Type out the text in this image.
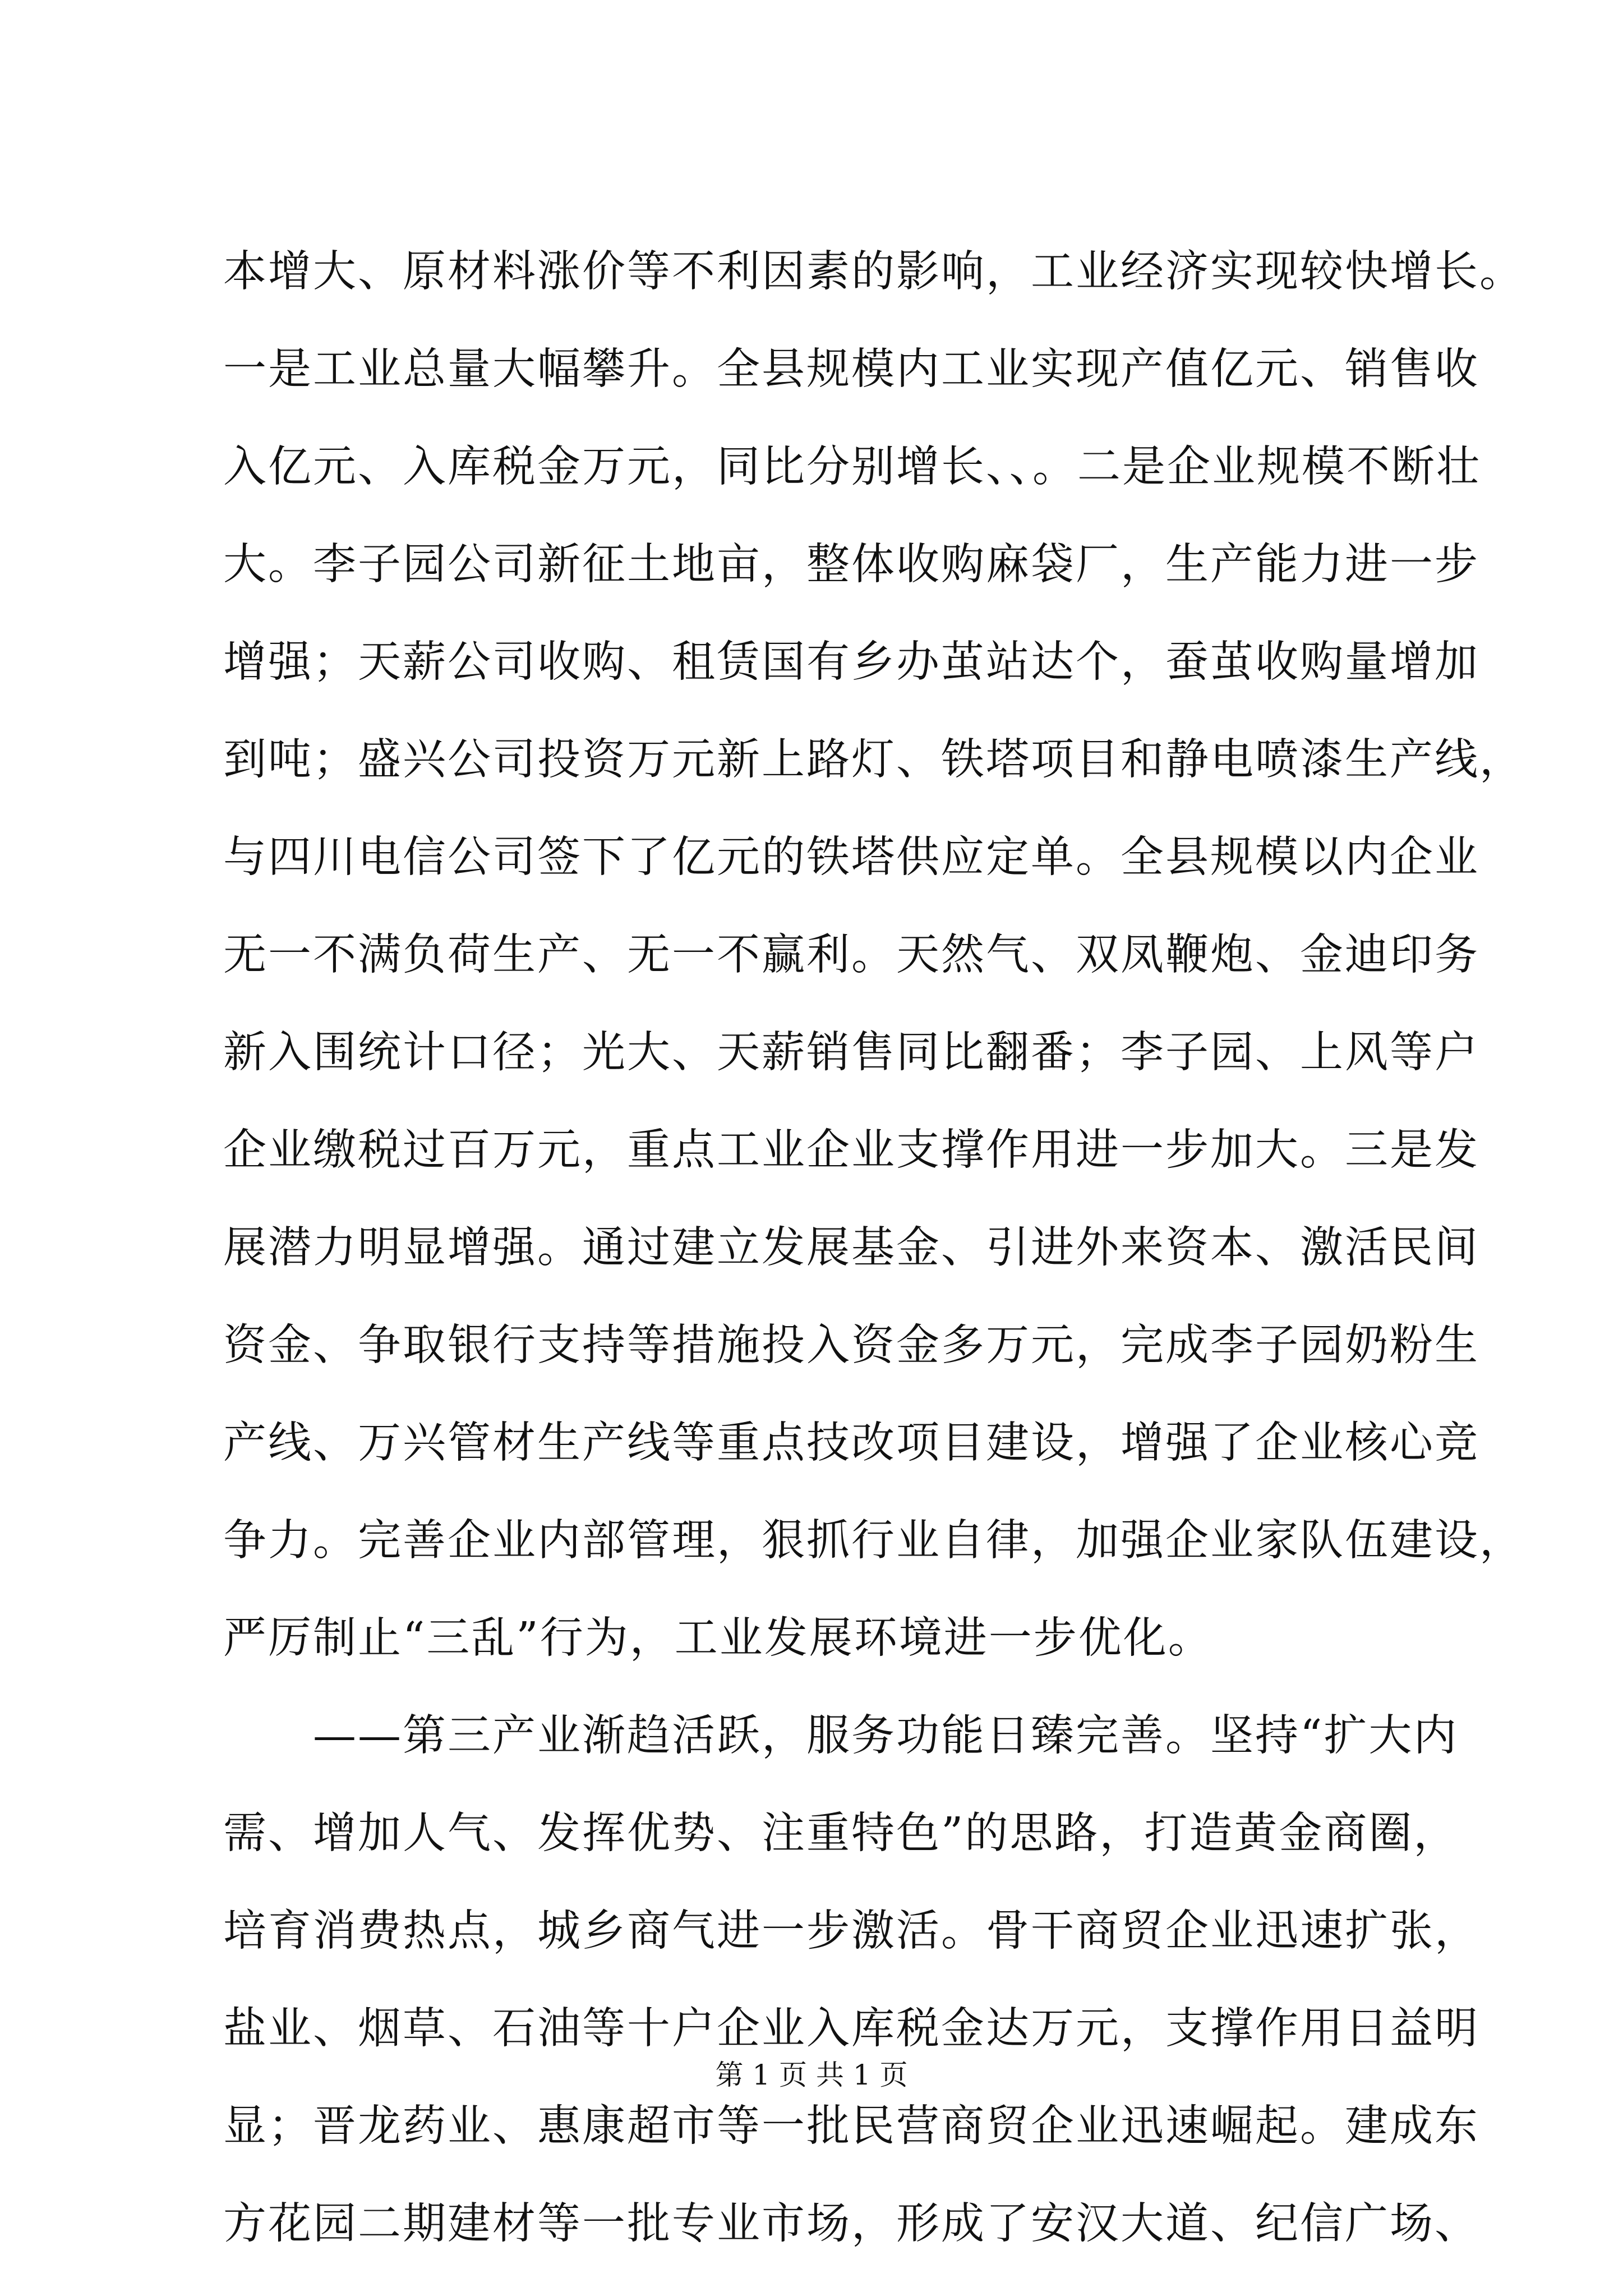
本增大、原材料涨价等不利因素的影响，工业经济实现较快增长。
一是工业总量大幅攀升。全县规模内工业实现产值亿元、销售收
入亿元、入库税金万元，同比分别增长、、。二是企业规模不断壮
大。李子园公司新征土地亩，整体收购麻袋厂，生产能力进一步
增强；天薪公司收购、租赁国有乡办茧站达个，蚕茧收购量增加
到吨；盛兴公司投资万元新上路灯、铁塔项目和静电喷漆生产线，
与四川电信公司签下了亿元的铁塔供应定单。全县规模以内企业
无一不满负荷生产、无一不赢利。天然气、双凤鞭炮、金迪印务
新入围统计口径；光大、天薪销售同比翻番；李子园、上风等户
企业缴税过百万元，重点工业企业支撑作用进一步加大。三是发
展潜力明显增强。通过建立发展基金、引进外来资本、激活民间
资金、争取银行支持等措施投入资金多万元，完成李子园奶粉生
产线、万兴管材生产线等重点技改项目建设，增强了企业核心竞
争力。完善企业内部管理，狠抓行业自律，加强企业家队伍建设，
严厉制止“三乱”行为，工业发展环境进一步优化。
——第三产业渐趋活跃，服务功能日臻完善。坚持“扩大内
需、增加人气、发挥优势、注重特色”的思路，打造黄金商圈，
培育消费热点，城乡商气进一步激活。骨干商贸企业迅速扩张，
盐业、烟草、石油等十户企业入库税金达万元，支撑作用日益明
显；晋龙药业、惠康超市等一批民营商贸企业迅速崛起。建成东
方花园二期建材等一批专业市场，形成了安汉大道、纪信广场、
第 1 页 共 1 页
